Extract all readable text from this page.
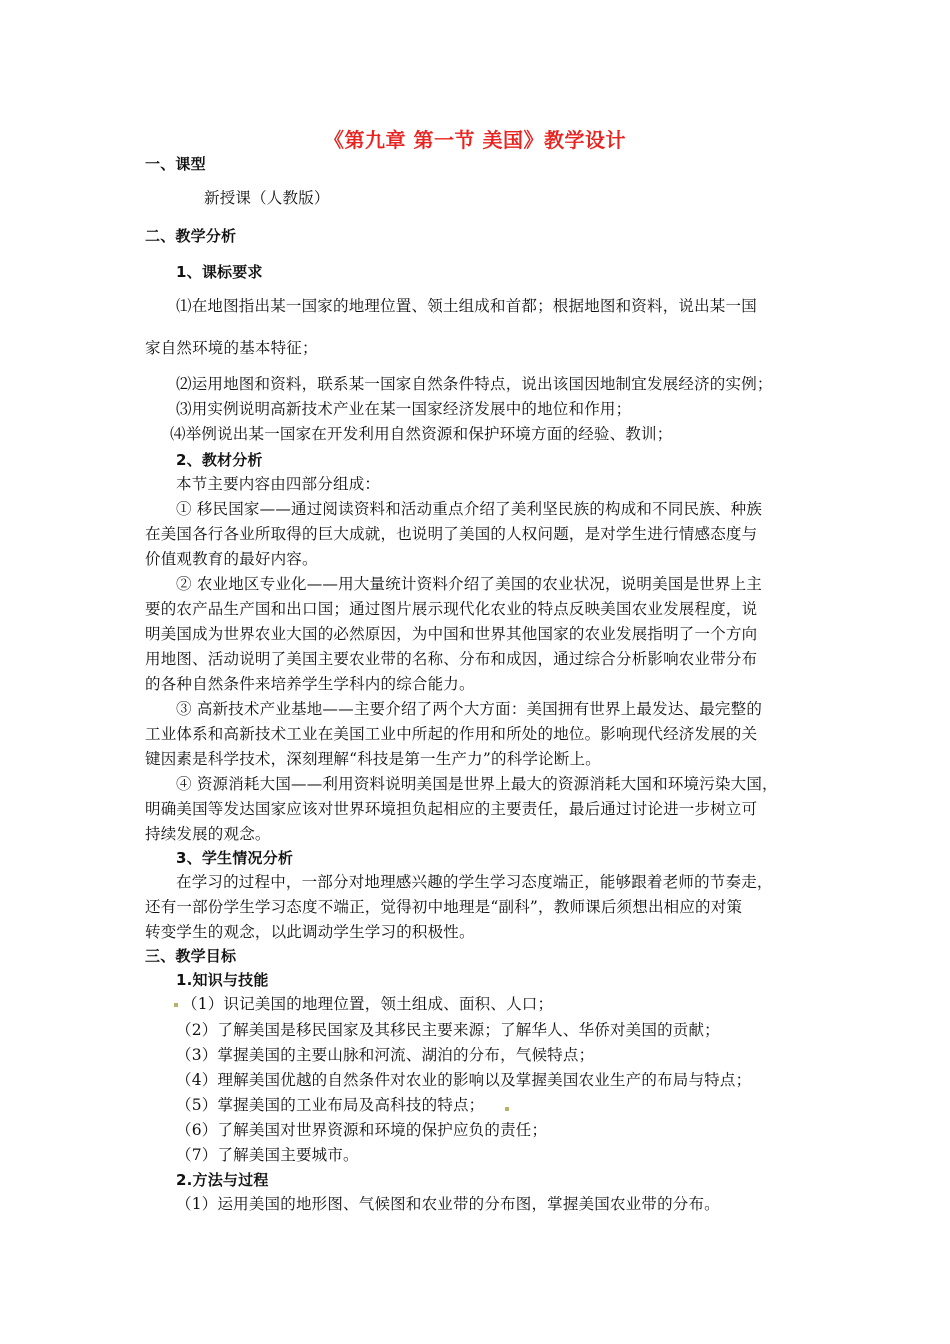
《第九章 第一节 美国》教学设计
一、课型
新授课（人教版）
二、教学分析
1、课标要求
⑴在地图指出某一国家的地理位置、领土组成和首都；根据地图和资料，说出某一国
家自然环境的基本特征；
⑵运用地图和资料，联系某一国家自然条件特点，说出该国因地制宜发展经济的实例；
⑶用实例说明高新技术产业在某一国家经济发展中的地位和作用；
⑷举例说出某一国家在开发利用自然资源和保护环境方面的经验、教训；
2、教材分析
本节主要内容由四部分组成：
① 移民国家——通过阅读资料和活动重点介绍了美利坚民族的构成和不同民族、种族
在美国各行各业所取得的巨大成就，也说明了美国的人权问题，是对学生进行情感态度与
价值观教育的最好内容。
② 农业地区专业化——用大量统计资料介绍了美国的农业状况，说明美国是世界上主
要的农产品生产国和出口国；通过图片展示现代化农业的特点反映美国农业发展程度，说
明美国成为世界农业大国的必然原因，为中国和世界其他国家的农业发展指明了一个方向
用地图、活动说明了美国主要农业带的名称、分布和成因，通过综合分析影响农业带分布
的各种自然条件来培养学生学科内的综合能力。
③ 高新技术产业基地——主要介绍了两个大方面：美国拥有世界上最发达、最完整的
工业体系和高新技术工业在美国工业中所起的作用和所处的地位。影响现代经济发展的关
键因素是科学技术，深刻理解“科技是第一生产力”的科学论断上。
④ 资源消耗大国——利用资料说明美国是世界上最大的资源消耗大国和环境污染大国，
明确美国等发达国家应该对世界环境担负起相应的主要责任，最后通过讨论进一步树立可
持续发展的观念。
3、学生情况分析
在学习的过程中，一部分对地理感兴趣的学生学习态度端正，能够跟着老师的节奏走，
还有一部份学生学习态度不端正，觉得初中地理是“副科”，教师课后须想出相应的对策
转变学生的观念，以此调动学生学习的积极性。
三、教学目标
1.知识与技能
（1）识记美国的地理位置，领土组成、面积、人口；
（2）了解美国是移民国家及其移民主要来源；了解华人、华侨对美国的贡献；
（3）掌握美国的主要山脉和河流、湖泊的分布，气候特点；
（4）理解美国优越的自然条件对农业的影响以及掌握美国农业生产的布局与特点；
（5）掌握美国的工业布局及高科技的特点；
（6）了解美国对世界资源和环境的保护应负的责任；
（7）了解美国主要城市。
2.方法与过程
（1）运用美国的地形图、气候图和农业带的分布图，掌握美国农业带的分布。
